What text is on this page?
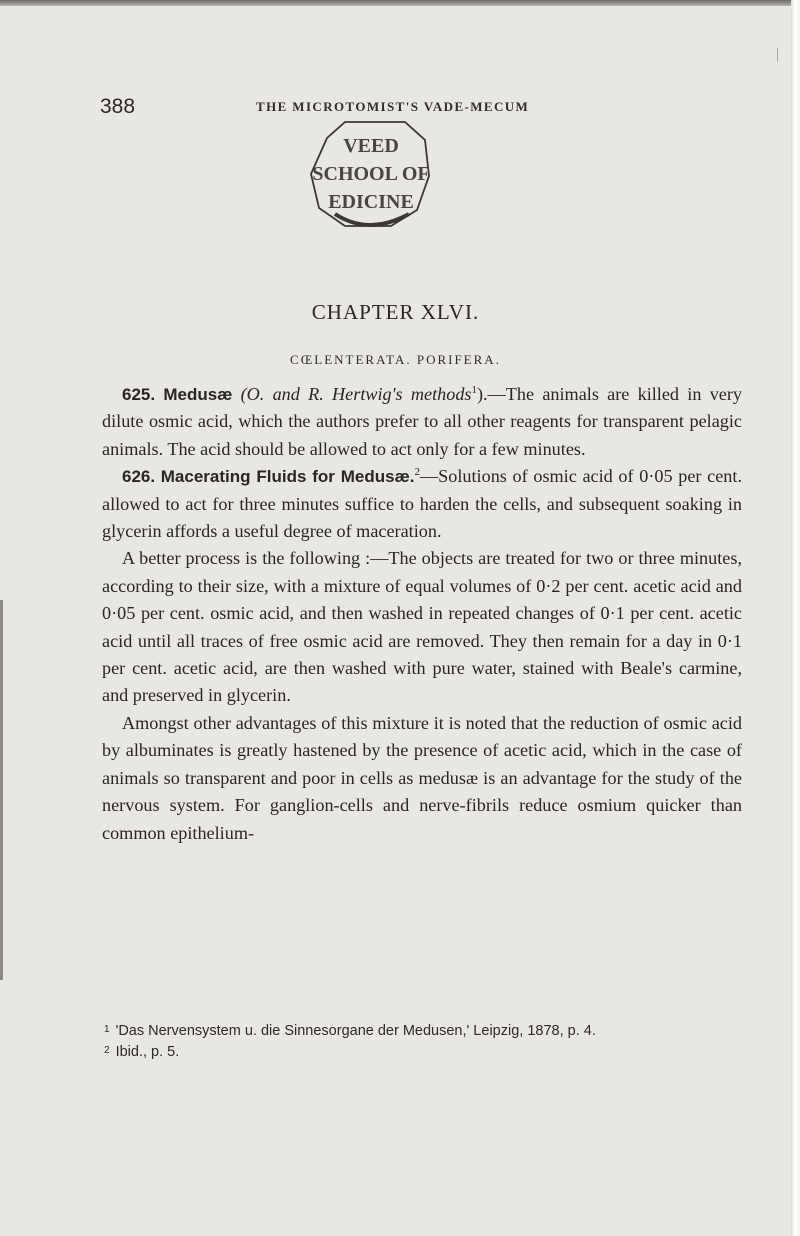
388	THE MICROTOMIST'S VADE-MECUM
VEED
SCHOOL OF
EDICINE
CHAPTER XLVI.
CŒLENTERATA. PORIFERA.

625. Medusæ (O. and R. Hertwig's methods$^1$).—The animals are killed in very dilute osmic acid, which the authors prefer to all other reagents for transparent pelagic animals. The acid should be allowed to act only for a few minutes.

626. Macerating Fluids for Medusæ.$^2$—Solutions of osmic acid of 0·05 per cent. allowed to act for three minutes suffice to harden the cells, and subsequent soaking in glycerin affords a useful degree of maceration.

A better process is the following :—The objects are treated for two or three minutes, according to their size, with a mixture of equal volumes of 0·2 per cent. acetic acid and 0·05 per cent. osmic acid, and then washed in repeated changes of 0·1 per cent. acetic acid until all traces of free osmic acid are removed. They then remain for a day in 0·1 per cent. acetic acid, are then washed with pure water, stained with Beale's carmine, and preserved in glycerin.

Amongst other advantages of this mixture it is noted that the reduction of osmic acid by albuminates is greatly hastened by the presence of acetic acid, which in the case of animals so transparent and poor in cells as medusæ is an advantage for the study of the nervous system. For ganglion-cells and nerve-fibrils reduce osmium quicker than common epithelium-

$^1$ 'Das Nervensystem u. die Sinnesorgane der Medusen,' Leipzig, 1878, p. 4.

$^2$ Ibid., p. 5.
